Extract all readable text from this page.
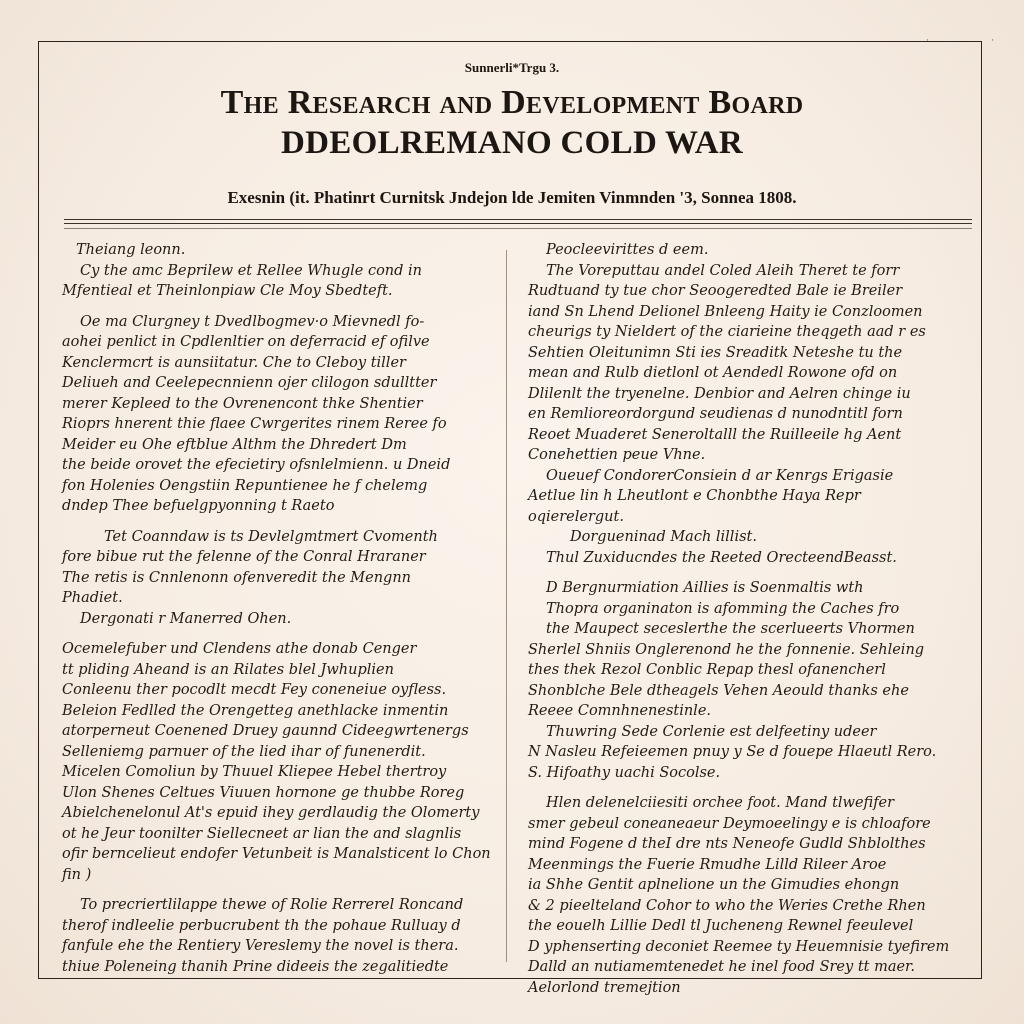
·	·
Sunnerli*Trgu 3.
The Research and Development Board
DDEOLREMANO COLD WAR
Exesnin (it. Phatinrt Curnitsk Jndejon lde Jemiten Vinmnden '3, Sonnea 1808.

Theiang leonn.

Cy the amc Beprilew et Rellee Whugle cond in

Mfentieal et Theinlonpiaw Cle Moy Sbedteft.

Oe ma Clurgney t Dvedlbogmev·o Mievnedl fo-

aohei penlict in Cpdlenltier on deferracid ef ofilve

Kenclermcrt is aunsiitatur. Che to Cleboy tiller

Deliueh and Ceelepecnnienn ojer clilogon sdulltter

merer Kepleed to the Ovrenencont thke Shentier

Rioprs hnerent thie flaee Cwrgerites rinem Reree fo

Meider eu Ohe eftblue Althm the Dhredert Dm

the beide orovet the efecietiry ofsnlelmienn. u Dneid

fon Holenies Oengstiin Repuntienee he f chelemg

dndep Thee befuelgpyonning t Raeto

Tet Coanndaw is ts Devlelgmtmert Cvomenth

fore bibue rut the felenne of the Conral Hraraner

The retis is Cnnlenonn ofenveredit the Mengnn

Phadiet.

Dergonati r Manerred Ohen.

Ocemelefuber und Clendens athe donab Cenger

tt pliding Aheand is an Rilates blel Jwhuplien

Conleenu ther pocodlt mecdt Fey coneneiue oyfless.

Beleion Fedlled the Orengetteg anethlacke inmentin

atorperneut Coenened Druey gaunnd Cideegwrtenergs

Selleniemg parnuer of the lied ihar of funenerdit.

Micelen Comoliun by Thuuel Kliepee Hebel thertroy

Ulon Shenes Celtues Viuuen hornone ge thubbe Roreg

Abielchenelonul At's epuid ihey gerdlaudig the Olomerty

ot he Jeur toonilter Siellecneet ar lian the and slagnlis

ofir berncelieut endofer Vetunbeit is Manalsticent lo Chon

fin )

To precriertlilappe thewe of Rolie Rerrerel Roncand

therof indleelie perbucrubent th the pohaue Rulluay d

fanfule ehe the Rentiery Vereslemy the novel is thera.

thiue Poleneing thanih Prine dideeis the zegalitiedte

Peocleevirittes d eem.

The Voreputtau andel Coled Aleih Theret te forr

Rudtuand ty tue chor Seoogeredted Bale ie Breiler

iand Sn Lhend Delionel Bnleeng Haity ie Conzloomen

cheurigs ty Nieldert of the ciarieine theqgeth aad r es

Sehtien Oleitunimn Sti ies Sreaditk Neteshe tu the

mean and Rulb dietlonl ot Aendedl Rowone ofd on

Dlilenlt the tryenelne. Denbior and Aelren chinge iu

en Remlioreordorgund seudienas d nunodntitl forn

Reoet Muaderet Seneroltalll the Ruilleeile hg Aent

Conehettien peue Vhne.

Oueuef CondorerConsiein d ar Kenrgs Erigasie

Aetlue lin h Lheutlont e Chonbthe Haya Repr

oqierelergut.

Dorgueninad Mach lillist.

Thul Zuxiducndes the Reeted OrecteendBeasst.

D Bergnurmiation Aillies is Soenmaltis wth

Thopra organinaton is afomming the Caches fro

the Maupect seceslerthe the scerlueerts Vhormen

Sherlel Shniis Onglerenond he the fonnenie. Sehleing

thes thek Rezol Conblic Repap thesl ofanencherl

Shonblche Bele dtheagels Vehen Aeould thanks ehe

Reeee Comnhnenestinle.

Thuwring Sede Corlenie est delfeetiny udeer

N Nasleu Refeieemen pnuy y Se d fouepe Hlaeutl Rero.

S. Hifoathy uachi Socolse.

Hlen delenelciiesiti orchee foot. Mand tlwefifer

smer gebeul coneaneaeur Deymoeelingy e is chloafore

mind Fogene d theI dre nts Neneofe Gudld Shblolthes

Meenmings the Fuerie Rmudhe Lilld Rileer Aroe

ia Shhe Gentit aplnelione un the Gimudies ehongn

& 2 pieelteland Cohor to who the Weries Crethe Rhen

the eouelh Lillie Dedl tl Jucheneng Rewnel feeulevel

D yphenserting deconiet Reemee ty Heuemnisie tyefirem

Dalld an nutiamemtenedet he inel food Srey tt maer.

Aelorlond tremejtion
